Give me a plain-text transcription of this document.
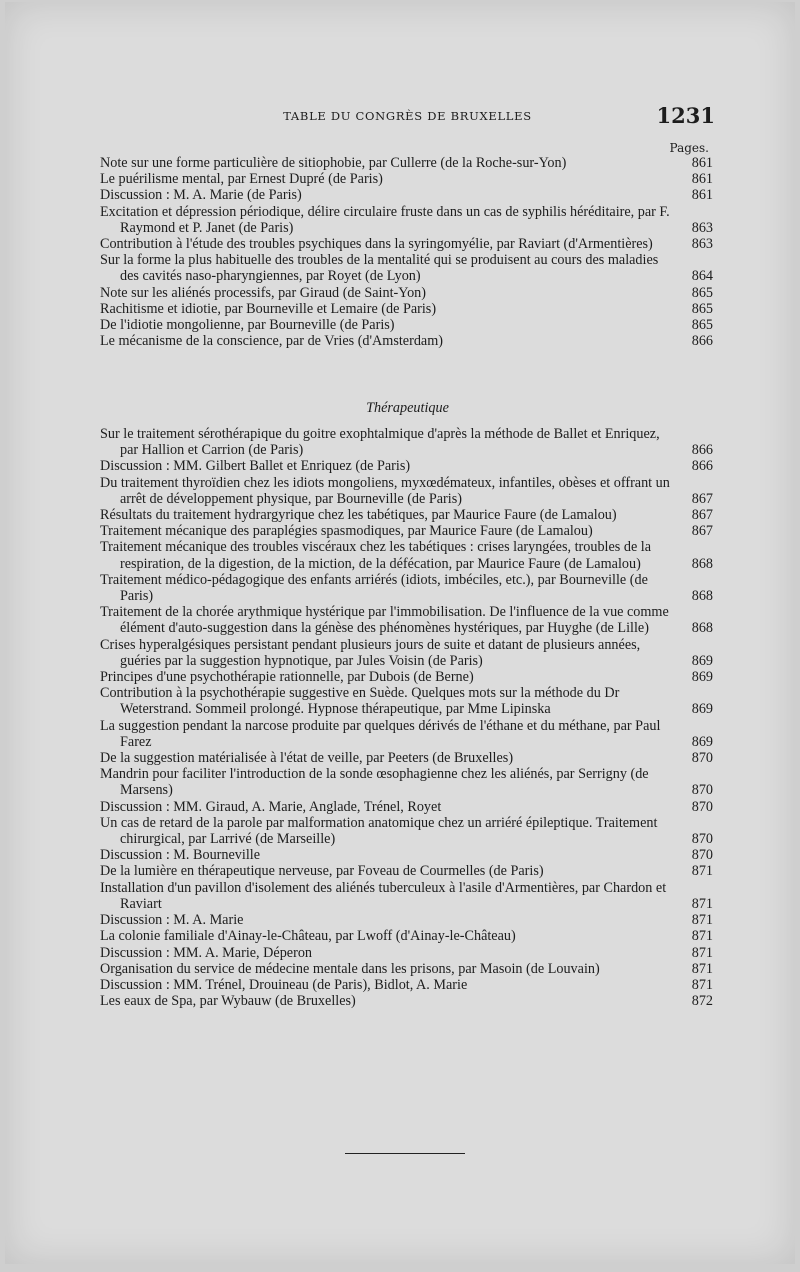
TABLE DU CONGRÈS DE BRUXELLES	1231
Pages.
Note sur une forme particulière de sitiophobie, par Cullerre (de la Roche-sur-Yon)	861
Le puérilisme mental, par Ernest Dupré (de Paris)	861
Discussion : M. A. Marie (de Paris)	861
Excitation et dépression périodique, délire circulaire fruste dans un cas de syphilis héréditaire, par F. Raymond et P. Janet (de Paris)	863
Contribution à l'étude des troubles psychiques dans la syringomyélie, par Raviart (d'Armentières)	863
Sur la forme la plus habituelle des troubles de la mentalité qui se produisent au cours des maladies des cavités naso-pharyngiennes, par Royet (de Lyon)	864
Note sur les aliénés processifs, par Giraud (de Saint-Yon)	865
Rachitisme et idiotie, par Bourneville et Lemaire (de Paris)	865
De l'idiotie mongolienne, par Bourneville (de Paris)	865
Le mécanisme de la conscience, par de Vries (d'Amsterdam)	866
Thérapeutique
Sur le traitement sérothérapique du goitre exophtalmique d'après la méthode de Ballet et Enriquez, par Hallion et Carrion (de Paris)	866
Discussion : MM. Gilbert Ballet et Enriquez (de Paris)	866
Du traitement thyroïdien chez les idiots mongoliens, myxœdémateux, infantiles, obèses et offrant un arrêt de développement physique, par Bourneville (de Paris)	867
Résultats du traitement hydrargyrique chez les tabétiques, par Maurice Faure (de Lamalou)	867
Traitement mécanique des paraplégies spasmodiques, par Maurice Faure (de Lamalou)	867
Traitement mécanique des troubles viscéraux chez les tabétiques : crises laryngées, troubles de la respiration, de la digestion, de la miction, de la défécation, par Maurice Faure (de Lamalou)	868
Traitement médico-pédagogique des enfants arriérés (idiots, imbéciles, etc.), par Bourneville (de Paris)	868
Traitement de la chorée arythmique hystérique par l'immobilisation. De l'influence de la vue comme élément d'auto-suggestion dans la génèse des phénomènes hystériques, par Huyghe (de Lille)	868
Crises hyperalgésiques persistant pendant plusieurs jours de suite et datant de plusieurs années, guéries par la suggestion hypnotique, par Jules Voisin (de Paris)	869
Principes d'une psychothérapie rationnelle, par Dubois (de Berne)	869
Contribution à la psychothérapie suggestive en Suède. Quelques mots sur la méthode du Dr Weterstrand. Sommeil prolongé. Hypnose thérapeutique, par Mme Lipinska	869
La suggestion pendant la narcose produite par quelques dérivés de l'éthane et du méthane, par Paul Farez	869
De la suggestion matérialisée à l'état de veille, par Peeters (de Bruxelles)	870
Mandrin pour faciliter l'introduction de la sonde œsophagienne chez les aliénés, par Serrigny (de Marsens)	870
Discussion : MM. Giraud, A. Marie, Anglade, Trénel, Royet	870
Un cas de retard de la parole par malformation anatomique chez un arriéré épileptique. Traitement chirurgical, par Larrivé (de Marseille)	870
Discussion : M. Bourneville	870
De la lumière en thérapeutique nerveuse, par Foveau de Courmelles (de Paris)	871
Installation d'un pavillon d'isolement des aliénés tuberculeux à l'asile d'Armentières, par Chardon et Raviart	871
Discussion : M. A. Marie	871
La colonie familiale d'Ainay-le-Château, par Lwoff (d'Ainay-le-Château)	871
Discussion : MM. A. Marie, Déperon	871
Organisation du service de médecine mentale dans les prisons, par Masoin (de Louvain)	871
Discussion : MM. Trénel, Drouineau (de Paris), Bidlot, A. Marie	871
Les eaux de Spa, par Wybauw (de Bruxelles)	872
